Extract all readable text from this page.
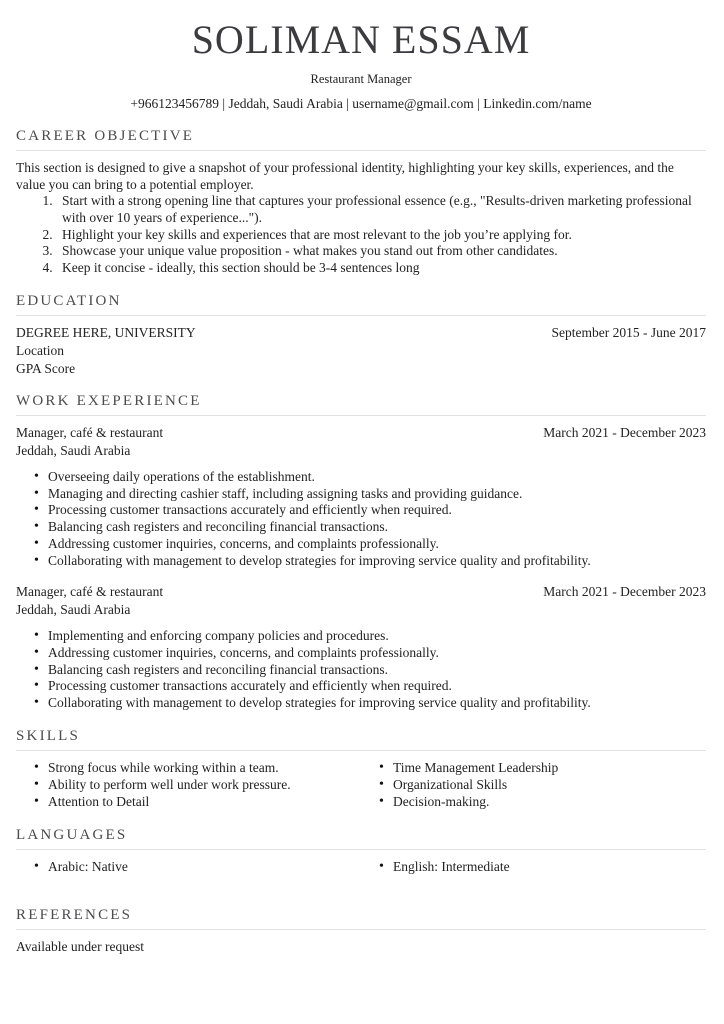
SOLIMAN ESSAM

Restaurant Manager

+966123456789 | Jeddah, Saudi Arabia | username@gmail.com | Linkedin.com/name

CAREER OBJECTIVE

This section is designed to give a snapshot of your professional identity, highlighting your key skills, experiences, and the value you can bring to a potential employer.

1. Start with a strong opening line that captures your professional essence (e.g., "Results-driven marketing professional with over 10 years of experience...").
2. Highlight your key skills and experiences that are most relevant to the job you’re applying for.
3. Showcase your unique value proposition - what makes you stand out from other candidates.
4. Keep it concise - ideally, this section should be 3-4 sentences long
EDUCATION
DEGREE HERE, UNIVERSITY	September 2015 - June 2017
Location
GPA Score
WORK EXEPERIENCE
Manager, café & restaurant	March 2021 - December 2023
Jeddah, Saudi Arabia
• Overseeing daily operations of the establishment.
• Managing and directing cashier staff, including assigning tasks and providing guidance.
• Processing customer transactions accurately and efficiently when required.
• Balancing cash registers and reconciling financial transactions.
• Addressing customer inquiries, concerns, and complaints professionally.
• Collaborating with management to develop strategies for improving service quality and profitability.
Manager, café & restaurant	March 2021 - December 2023
Jeddah, Saudi Arabia
• Implementing and enforcing company policies and procedures.
• Addressing customer inquiries, concerns, and complaints professionally.
• Balancing cash registers and reconciling financial transactions.
• Processing customer transactions accurately and efficiently when required.
• Collaborating with management to develop strategies for improving service quality and profitability.
SKILLS
• Strong focus while working within a team.
• Ability to perform well under work pressure.
• Attention to Detail
• Time Management Leadership
• Organizational Skills
• Decision-making.
LANGUAGES
• Arabic: Native	• English: Intermediate
REFERENCES

Available under request
